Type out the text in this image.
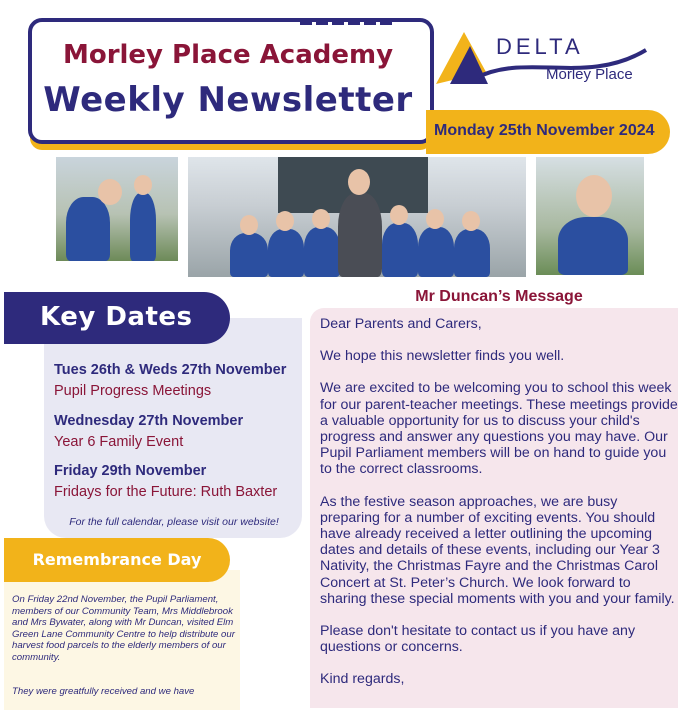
Morley Place Academy
Weekly Newsletter
DELTA
Morley Place
Monday 25th November 2024
Key Dates
Tues 26th & Weds 27th November
Pupil Progress Meetings
Wednesday 27th November
Year 6 Family Event
Friday 29th November
Fridays for the Future: Ruth Baxter
For the full calendar, please visit our website!
Remembrance Day
On Friday 22nd November, the Pupil Parliament, members of our Community Team, Mrs Middlebrook and Mrs Bywater, along with Mr Duncan, visited Elm Green Lane Community Centre to help distribute our harvest food parcels to the elderly members of our community.
They were greatfully received and we have
Mr Duncan’s Message

Dear Parents and Carers,

We hope this newsletter finds you well.

We are excited to be welcoming you to school this week for our parent-teacher meetings. These meetings provide a valuable opportunity for us to discuss your child's progress and answer any questions you may have. Our Pupil Parliament members will be on hand to guide you to the correct classrooms.

As the festive season approaches, we are busy preparing for a number of exciting events. You should have already received a letter outlining the upcoming dates and details of these events, including our Year 3 Nativity, the Christmas Fayre and the Christmas Carol Concert at St. Peter’s Church. We look forward to sharing these special moments with you and your family.

Please don't hesitate to contact us if you have any questions or concerns.

Kind regards,
